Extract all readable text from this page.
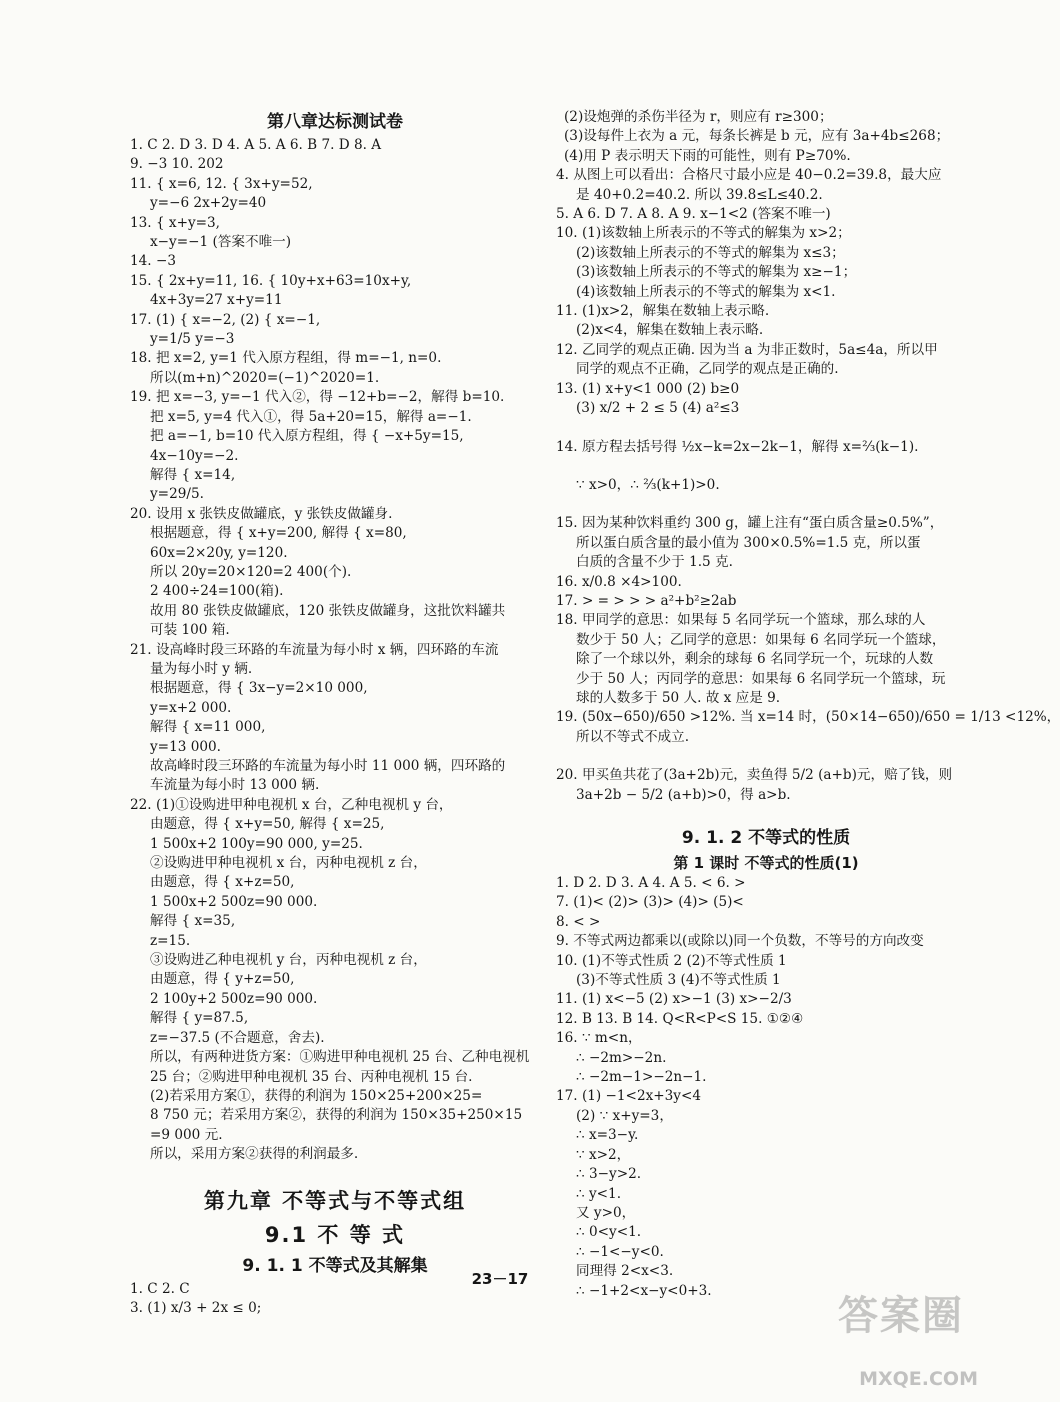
第八章达标测试卷
1. C 2. D 3. D 4. A 5. A 6. B 7. D 8. A
9. −3 10. 202
11. { x=6, 12. { 3x+y=52,
y=−6 2x+2y=40
13. { x+y=3,
x−y=−1 (答案不唯一)
14. −3
15. { 2x+y=11, 16. { 10y+x+63=10x+y,
4x+3y=27 x+y=11
17. (1) { x=−2, (2) { x=−1,
y=1/5 y=−3
18. 把 x=2, y=1 代入原方程组，得 m=−1, n=0.
所以(m+n)^2020=(−1)^2020=1.
19. 把 x=−3, y=−1 代入②，得 −12+b=−2，解得 b=10.
把 x=5, y=4 代入①，得 5a+20=15，解得 a=−1.
把 a=−1, b=10 代入原方程组，得 { −x+5y=15,
4x−10y=−2.
解得 { x=14,
y=29/5.
20. 设用 x 张铁皮做罐底，y 张铁皮做罐身.
根据题意，得 { x+y=200, 解得 { x=80,
60x=2×20y, y=120.
所以 20y=20×120=2 400(个).
2 400÷24=100(箱).
故用 80 张铁皮做罐底，120 张铁皮做罐身，这批饮料罐共
可装 100 箱.
21. 设高峰时段三环路的车流量为每小时 x 辆，四环路的车流
量为每小时 y 辆.
根据题意，得 { 3x−y=2×10 000,
y=x+2 000.
解得 { x=11 000,
y=13 000.
故高峰时段三环路的车流量为每小时 11 000 辆，四环路的
车流量为每小时 13 000 辆.
22. (1)①设购进甲种电视机 x 台，乙种电视机 y 台，
由题意，得 { x+y=50, 解得 { x=25,
1 500x+2 100y=90 000, y=25.
②设购进甲种电视机 x 台，丙种电视机 z 台，
由题意，得 { x+z=50,
1 500x+2 500z=90 000.
解得 { x=35,
z=15.
③设购进乙种电视机 y 台，丙种电视机 z 台，
由题意，得 { y+z=50,
2 100y+2 500z=90 000.
解得 { y=87.5,
z=−37.5 (不合题意，舍去).
所以，有两种进货方案：①购进甲种电视机 25 台、乙种电视机
25 台；②购进甲种电视机 35 台、丙种电视机 15 台.
(2)若采用方案①，获得的利润为 150×25+200×25=
8 750 元；若采用方案②，获得的利润为 150×35+250×15
=9 000 元.
所以，采用方案②获得的利润最多.
第九章 不等式与不等式组
9.1 不 等 式
9. 1. 1 不等式及其解集
1. C 2. C
3. (1) x/3 + 2x ≤ 0;
(2)设炮弹的杀伤半径为 r，则应有 r≥300；
(3)设每件上衣为 a 元，每条长裤是 b 元，应有 3a+4b≤268；
(4)用 P 表示明天下雨的可能性，则有 P≥70%.
4. 从图上可以看出：合格尺寸最小应是 40−0.2=39.8，最大应
是 40+0.2=40.2. 所以 39.8≤L≤40.2.
5. A 6. D 7. A 8. A 9. x−1<2 (答案不唯一)
10. (1)该数轴上所表示的不等式的解集为 x>2；
(2)该数轴上所表示的不等式的解集为 x≤3；
(3)该数轴上所表示的不等式的解集为 x≥−1；
(4)该数轴上所表示的不等式的解集为 x<1.
11. (1)x>2，解集在数轴上表示略.
(2)x<4，解集在数轴上表示略.
12. 乙同学的观点正确. 因为当 a 为非正数时，5a≤4a，所以甲
同学的观点不正确，乙同学的观点是正确的.
13. (1) x+y<1 000 (2) b≥0
(3) x/2 + 2 ≤ 5 (4) a²≤3
14. 原方程去括号得 ½x−k=2x−2k−1，解得 x=⅔(k−1).
∵ x>0，∴ ⅔(k+1)>0.
15. 因为某种饮料重约 300 g，罐上注有“蛋白质含量≥0.5%”，
所以蛋白质含量的最小值为 300×0.5%=1.5 克，所以蛋
白质的含量不少于 1.5 克.
16. x/0.8 ×4>100.
17. > = > > > a²+b²≥2ab
18. 甲同学的意思：如果每 5 名同学玩一个篮球，那么球的人
数少于 50 人；乙同学的意思：如果每 6 名同学玩一个篮球，
除了一个球以外，剩余的球每 6 名同学玩一个，玩球的人数
少于 50 人；丙同学的意思：如果每 6 名同学玩一个篮球，玩
球的人数多于 50 人. 故 x 应是 9.
19. (50x−650)/650 >12%. 当 x=14 时，(50×14−650)/650 = 1/13 <12%，
所以不等式不成立.
20. 甲买鱼共花了(3a+2b)元，卖鱼得 5/2 (a+b)元，赔了钱，则
3a+2b − 5/2 (a+b)>0，得 a>b.
9. 1. 2 不等式的性质
第 1 课时 不等式的性质(1)
1. D 2. D 3. A 4. A 5. < 6. >
7. (1)< (2)> (3)> (4)> (5)<
8. < >
9. 不等式两边都乘以(或除以)同一个负数，不等号的方向改变
10. (1)不等式性质 2 (2)不等式性质 1
(3)不等式性质 3 (4)不等式性质 1
11. (1) x<−5 (2) x>−1 (3) x>−2/3
12. B 13. B 14. Q<R<P<S 15. ①②④
16. ∵ m<n，
∴ −2m>−2n.
∴ −2m−1>−2n−1.
17. (1) −1<2x+3y<4
(2) ∵ x+y=3，
∴ x=3−y.
∵ x>2，
∴ 3−y>2.
∴ y<1.
又 y>0，
∴ 0<y<1.
∴ −1<−y<0.
同理得 2<x<3.
∴ −1+2<x−y<0+3.
23－17
答案圈
MXQE.COM
